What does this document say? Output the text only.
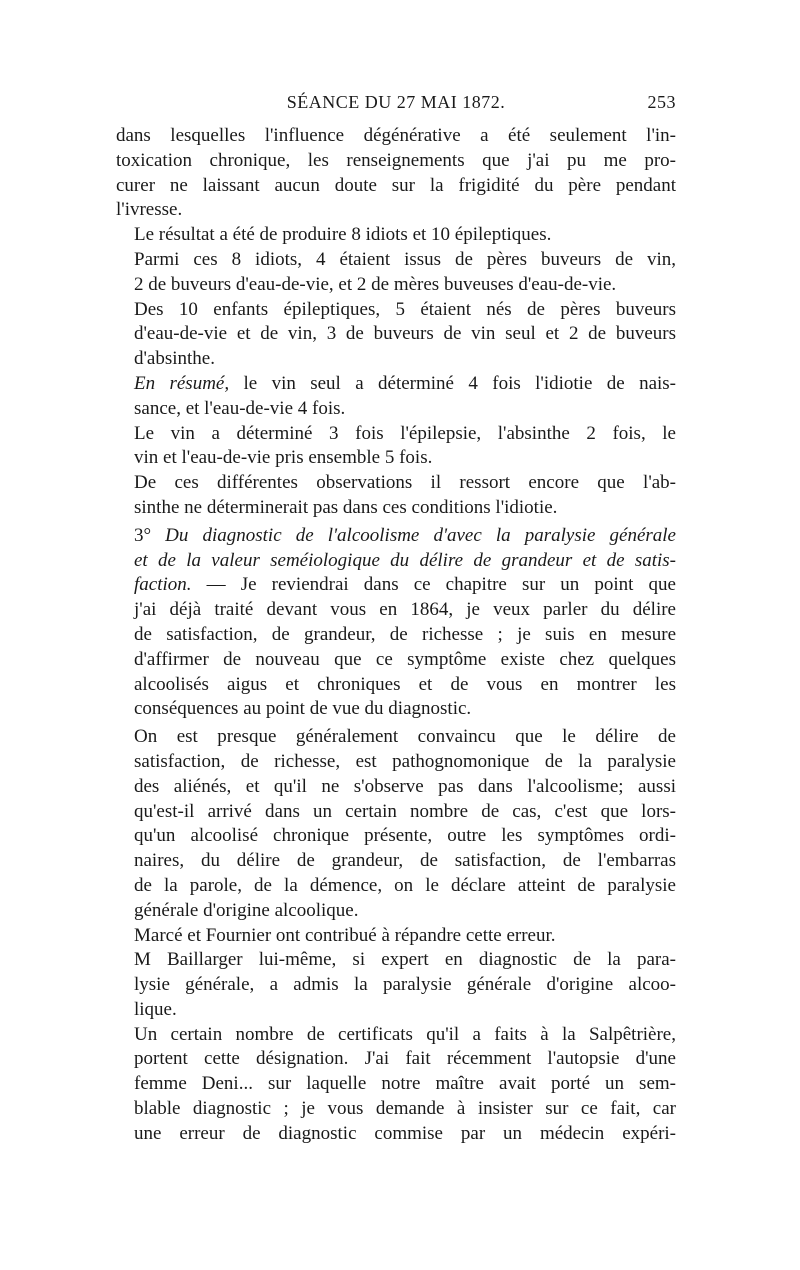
SÉANCE DU 27 MAI 1872.	253

dans lesquelles l'influence dégénérative a été seulement l'in-
toxication chronique, les renseignements que j'ai pu me pro-
curer ne laissant aucun doute sur la frigidité du père pendant
l'ivresse.

Le résultat a été de produire 8 idiots et 10 épileptiques.

Parmi ces 8 idiots, 4 étaient issus de pères buveurs de vin,
2 de buveurs d'eau-de-vie, et 2 de mères buveuses d'eau-de-vie.

Des 10 enfants épileptiques, 5 étaient nés de pères buveurs
d'eau-de-vie et de vin, 3 de buveurs de vin seul et 2 de buveurs
d'absinthe.

En résumé, le vin seul a déterminé 4 fois l'idiotie de nais-
sance, et l'eau-de-vie 4 fois.

Le vin a déterminé 3 fois l'épilepsie, l'absinthe 2 fois, le
vin et l'eau-de-vie pris ensemble 5 fois.

De ces différentes observations il ressort encore que l'ab-
sinthe ne déterminerait pas dans ces conditions l'idiotie.

3° Du diagnostic de l'alcoolisme d'avec la paralysie générale
et de la valeur seméiologique du délire de grandeur et de satis-
faction. — Je reviendrai dans ce chapitre sur un point que
j'ai déjà traité devant vous en 1864, je veux parler du délire
de satisfaction, de grandeur, de richesse ; je suis en mesure
d'affirmer de nouveau que ce symptôme existe chez quelques
alcoolisés aigus et chroniques et de vous en montrer les
conséquences au point de vue du diagnostic.

On est presque généralement convaincu que le délire de
satisfaction, de richesse, est pathognomonique de la paralysie
des aliénés, et qu'il ne s'observe pas dans l'alcoolisme; aussi
qu'est-il arrivé dans un certain nombre de cas, c'est que lors-
qu'un alcoolisé chronique présente, outre les symptômes ordi-
naires, du délire de grandeur, de satisfaction, de l'embarras
de la parole, de la démence, on le déclare atteint de paralysie
générale d'origine alcoolique.

Marcé et Fournier ont contribué à répandre cette erreur.

M Baillarger lui-même, si expert en diagnostic de la para-
lysie générale, a admis la paralysie générale d'origine alcoo-
lique.

Un certain nombre de certificats qu'il a faits à la Salpêtrière,
portent cette désignation. J'ai fait récemment l'autopsie d'une
femme Deni... sur laquelle notre maître avait porté un sem-
blable diagnostic ; je vous demande à insister sur ce fait, car
une erreur de diagnostic commise par un médecin expéri-
